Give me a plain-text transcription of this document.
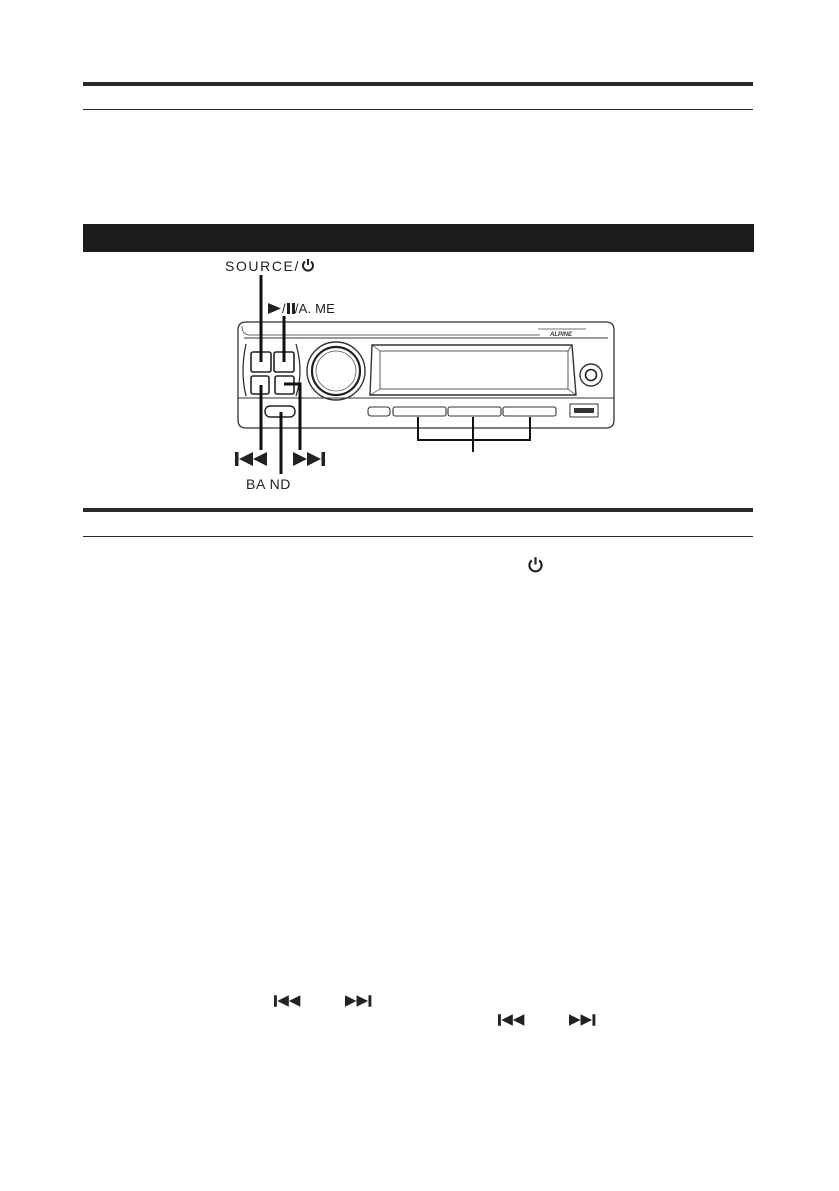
SOURCE/
/ /A. ME
BA ND
ALPINE
